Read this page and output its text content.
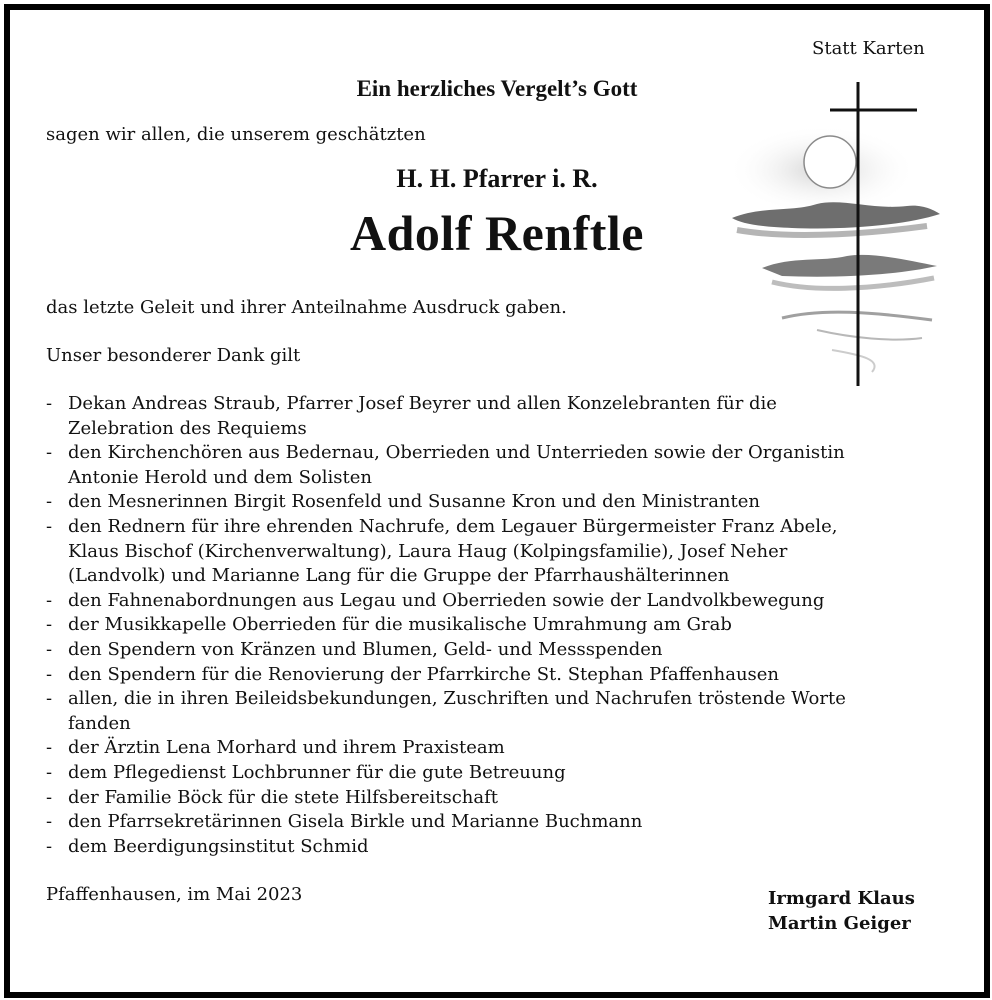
Statt Karten
Ein herzliches Vergelt’s Gott
sagen wir allen, die unserem geschätzten
H. H. Pfarrer i. R.
Adolf Renftle
das letzte Geleit und ihrer Anteilnahme Ausdruck gaben.
Unser besonderer Dank gilt
- Dekan Andreas Straub, Pfarrer Josef Beyrer und allen Konzelebranten für die
Zelebration des Requiems
- den Kirchenchören aus Bedernau, Oberrieden und Unterrieden sowie der Organistin
Antonie Herold und dem Solisten
- den Mesnerinnen Birgit Rosenfeld und Susanne Kron und den Ministranten
- den Rednern für ihre ehrenden Nachrufe, dem Legauer Bürgermeister Franz Abele,
Klaus Bischof (Kirchenverwaltung), Laura Haug (Kolpingsfamilie), Josef Neher
(Landvolk) und Marianne Lang für die Gruppe der Pfarrhaushälterinnen
- den Fahnenabordnungen aus Legau und Oberrieden sowie der Landvolkbewegung
- der Musikkapelle Oberrieden für die musikalische Umrahmung am Grab
- den Spendern von Kränzen und Blumen, Geld- und Messspenden
- den Spendern für die Renovierung der Pfarrkirche St. Stephan Pfaffenhausen
- allen, die in ihren Beileidsbekundungen, Zuschriften und Nachrufen tröstende Worte
fanden
- der Ärztin Lena Morhard und ihrem Praxisteam
- dem Pflegedienst Lochbrunner für die gute Betreuung
- der Familie Böck für die stete Hilfsbereitschaft
- den Pfarrsekretärinnen Gisela Birkle und Marianne Buchmann
- dem Beerdigungsinstitut Schmid
Pfaffenhausen, im Mai 2023	Irmgard Klaus
Martin Geiger
